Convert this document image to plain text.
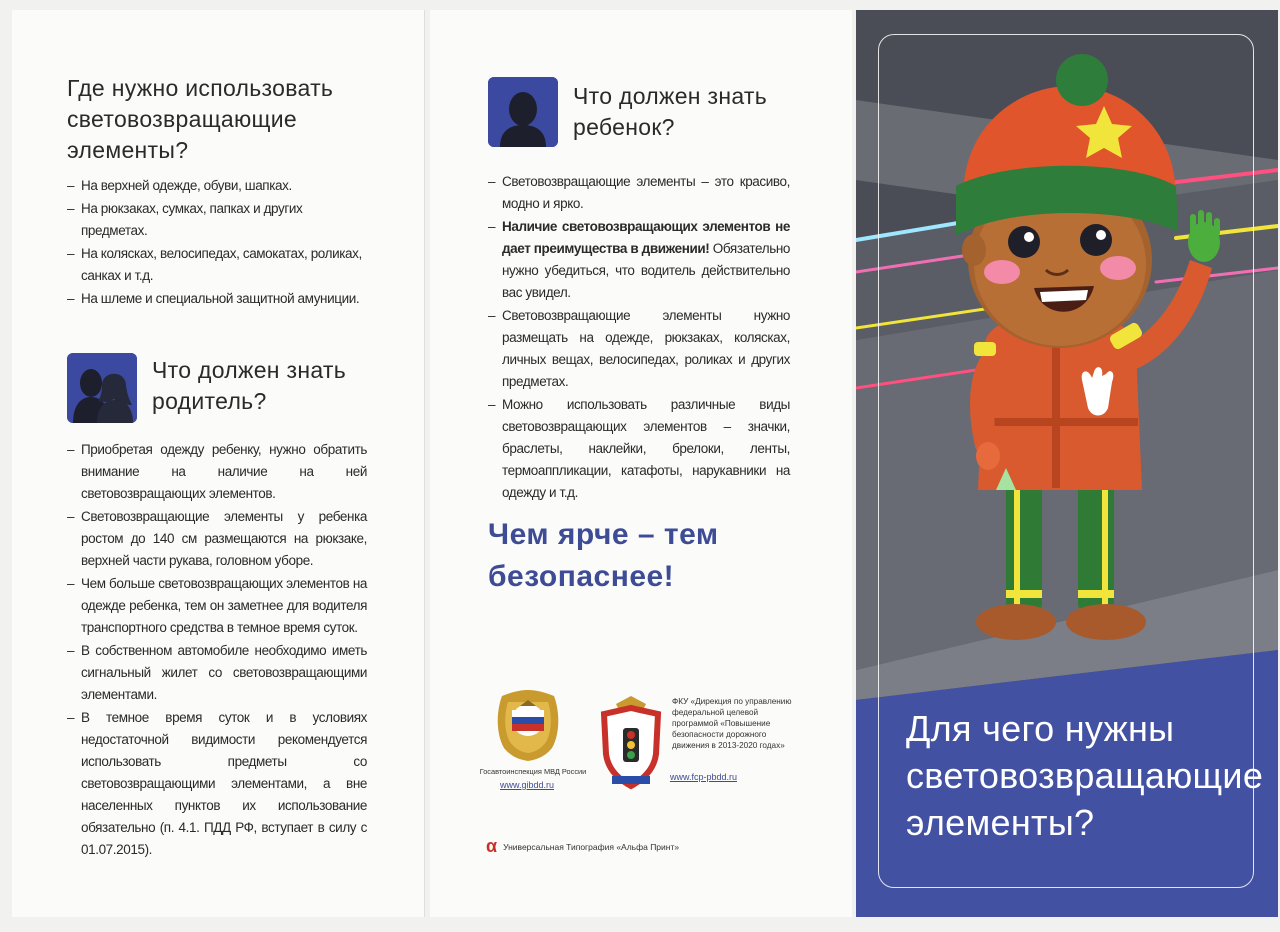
Где нужно использовать
световозвращающие
элементы?
– На верхней одежде, обуви, шапках.
– На рюкзаках, сумках, папках и других предметах.
– На колясках, велосипедах, самокатах, роликах, санках и т.д.
– На шлеме и специальной защитной амуниции.
Что должен знать
родитель?
– Приобретая одежду ребенку, нужно обратить внимание на наличие на ней световозвращающих элементов.
– Световозвращающие элементы у ребенка ростом до 140 см размещаются на рюкзаке, верхней части рукава, головном уборе.
– Чем больше световозвращающих элементов на одежде ребенка, тем он заметнее для водителя транспортного средства в темное время суток.
– В собственном автомобиле необходимо иметь сигнальный жилет со световозвращающими элементами.
– В темное время суток и в условиях недостаточной видимости рекомендуется использовать предметы со световозвращающими элементами, а вне населенных пунктов их использование обязательно (п. 4.1. ПДД РФ, вступает в силу с 01.07.2015).
Что должен знать
ребенок?
– Световозвращающие элементы – это красиво, модно и ярко.
– Наличие световозвращающих элементов не дает преимущества в движении! Обязательно нужно убедиться, что водитель действительно вас увидел.
– Световозвращающие элементы нужно размещать на одежде, рюкзаках, колясках, личных вещах, велосипедах, роликах и других предметах.
– Можно использовать различные виды световозвращающих элементов – значки, браслеты, наклейки, брелоки, ленты, термоаппликации, катафоты, нарукавники на одежду и т.д.
Чем ярче – тем
безопаснее!
Госавтоинспекция МВД России
www.gibdd.ru
ФКУ «Дирекция по управлению
федеральной целевой
программой «Повышение
безопасности дорожного
движения в 2013-2020 годах»
www.fcp-pbdd.ru
α Универсальная Типография «Альфа Принт»
Для чего нужны
световозвращающие
элементы?
